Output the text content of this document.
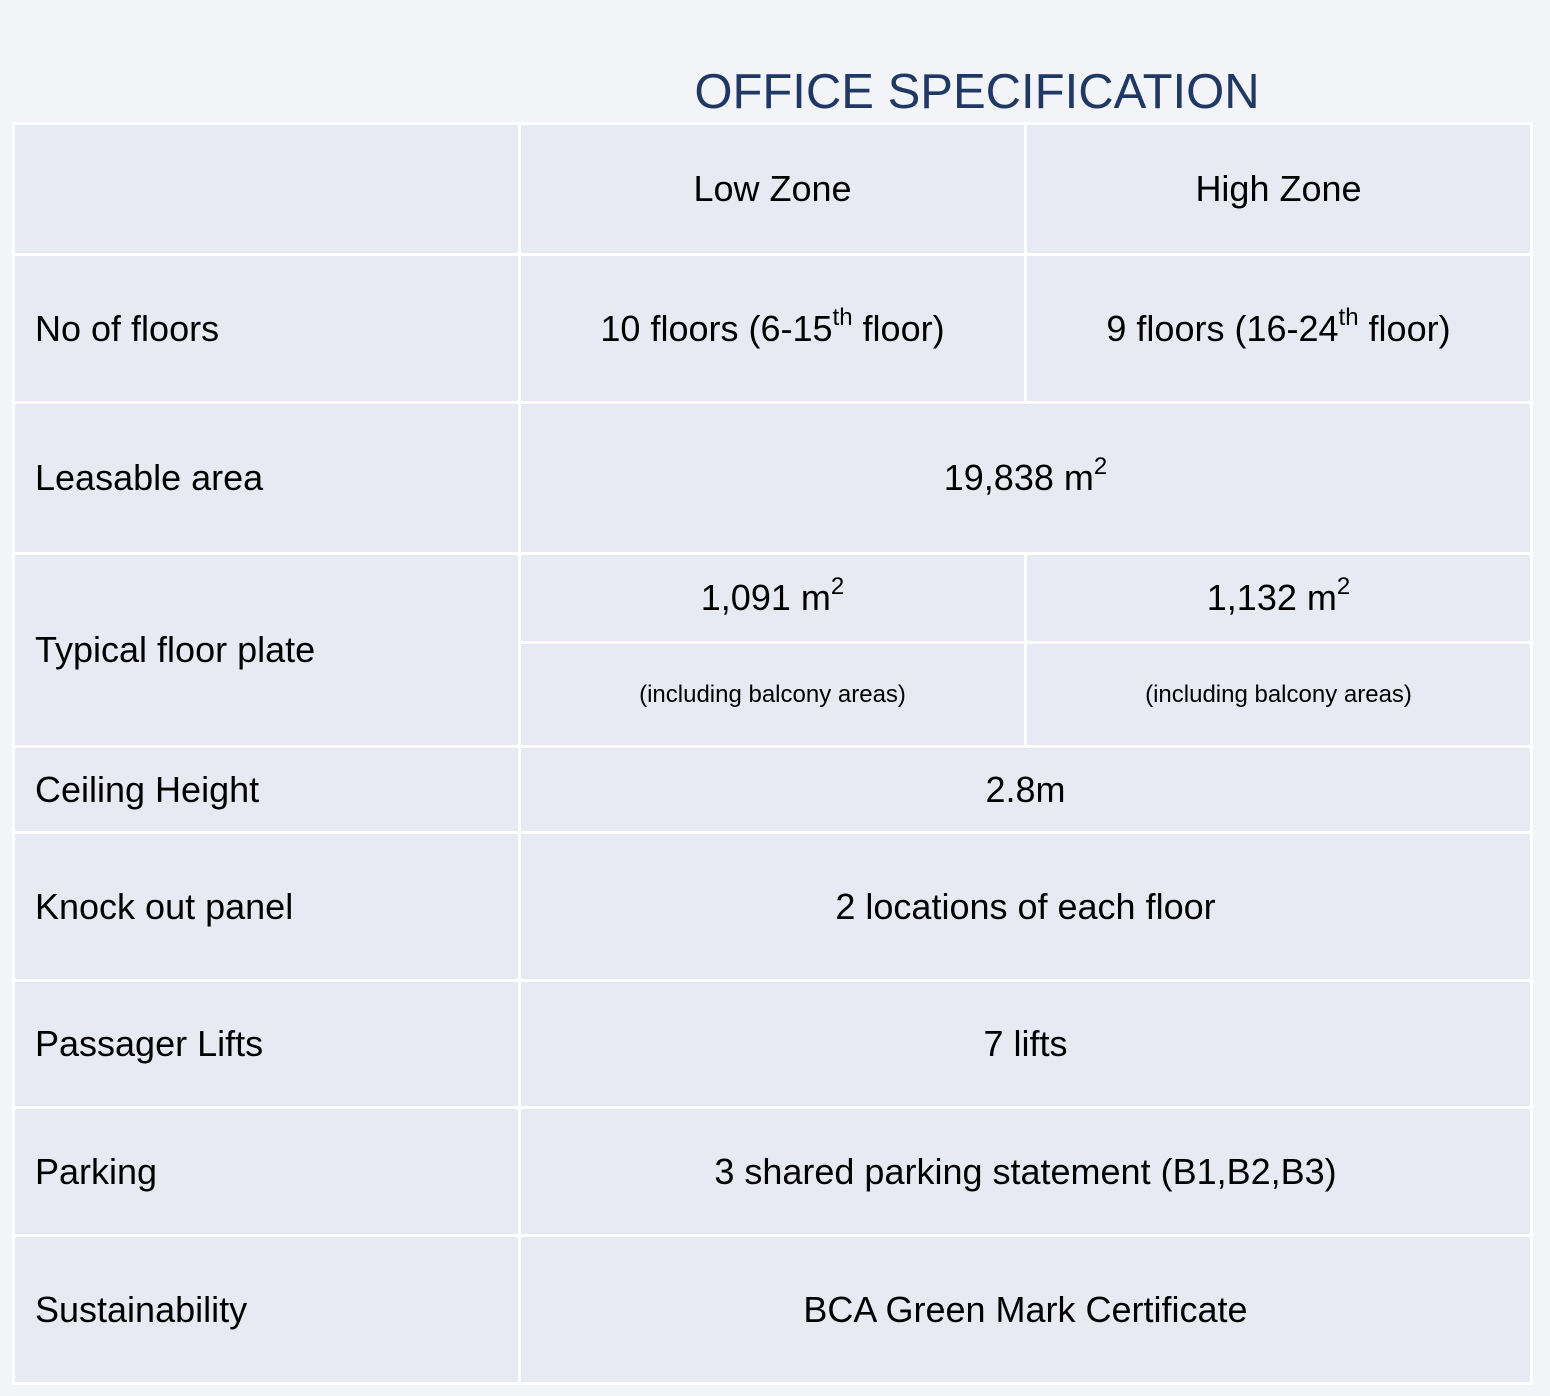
OFFICE SPECIFICATION
	Low Zone	High Zone
No of floors	10 floors (6-15th floor)	9 floors (16-24th floor)
Leasable area	19,838 $m^2$
Typical floor plate	1,091 $m^2$	1,132 $m^2$
	(including balcony areas)	(including balcony areas)
Ceiling Height	2.8m	
Knock out panel	2 locations of each floor	
Passager Lifts	7 lifts	
Parking	3 shared parking statement (B1,B2,B3)	
Sustainability	BCA Green Mark Certificate	
